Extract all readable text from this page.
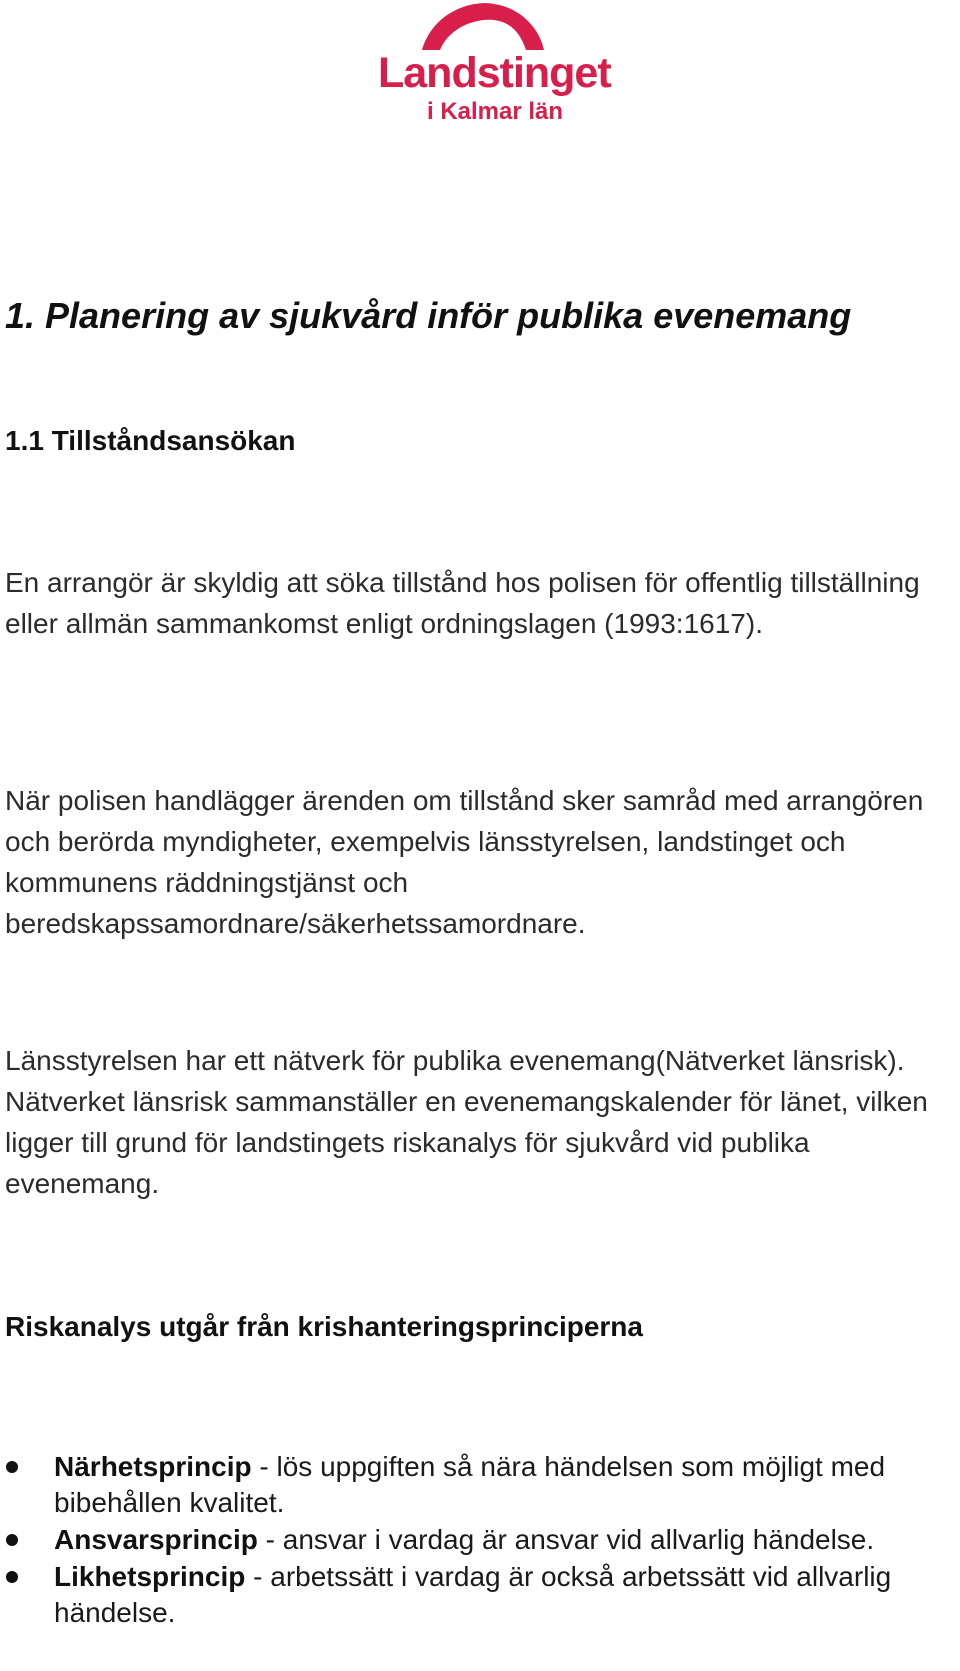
Landstinget
i Kalmar län
1. Planering av sjukvård inför publika evenemang
1.1 Tillståndsansökan

En arrangör är skyldig att söka tillstånd hos polisen för offentlig tillställning eller allmän sammankomst enligt ordningslagen (1993:1617).

När polisen handlägger ärenden om tillstånd sker samråd med arrangören och berörda myndigheter, exempelvis länsstyrelsen, landstinget och kommunens räddningstjänst och beredskapssamordnare/säkerhetssamordnare.

Länsstyrelsen har ett nätverk för publika evenemang(Nätverket länsrisk). Nätverket länsrisk sammanställer en evenemangskalender för länet, vilken ligger till grund för landstingets riskanalys för sjukvård vid publika evenemang.

Riskanalys utgår från krishanteringsprinciperna
Närhetsprincip - lös uppgiften så nära händelsen som möjligt med bibehållen kvalitet.
Ansvarsprincip - ansvar i vardag är ansvar vid allvarlig händelse.
Likhetsprincip - arbetssätt i vardag är också arbetssätt vid allvarlig händelse.
